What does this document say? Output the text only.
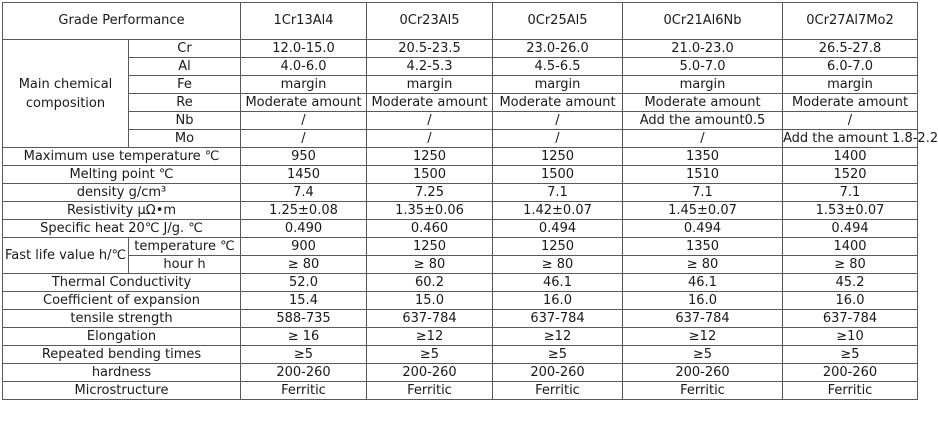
Grade Performance		1Cr13Al4	0Cr23Al5	0Cr25Al5	0Cr21Al6Nb	0Cr27Al7Mo2
Main chemical composition	Cr	12.0-15.0	20.5-23.5	23.0-26.0	21.0-23.0	26.5-27.8
	Al	4.0-6.0	4.2-5.3	4.5-6.5	5.0-7.0	6.0-7.0
	Fe	margin	margin	margin	margin	margin
	Re	Moderate amount	Moderate amount	Moderate amount	Moderate amount	Moderate amount
	Nb	/	/	/	Add the amount0.5	/
	Mo	/	/	/	/	Add the amount 1.8-2.2
Maximum use temperature ℃		950	1250	1250	1350	1400
Melting point ℃		1450	1500	1500	1510	1520
density g/cm³		7.4	7.25	7.1	7.1	7.1
Resistivity μΩ•m		1.25±0.08	1.35±0.06	1.42±0.07	1.45±0.07	1.53±0.07
Specific heat 20℃ J/g. ℃		0.490	0.460	0.494	0.494	0.494
Fast life value h/℃	temperature ℃	900	1250	1250	1350	1400
	hour h	≥ 80	≥ 80	≥ 80	≥ 80	≥ 80
Thermal Conductivity		52.0	60.2	46.1	46.1	45.2
Coefficient of expansion		15.4	15.0	16.0	16.0	16.0
tensile strength		588-735	637-784	637-784	637-784	637-784
Elongation		≥ 16	≥12	≥12	≥12	≥10
Repeated bending times		≥5	≥5	≥5	≥5	≥5
hardness		200-260	200-260	200-260	200-260	200-260
Microstructure		Ferritic	Ferritic	Ferritic	Ferritic	Ferritic
